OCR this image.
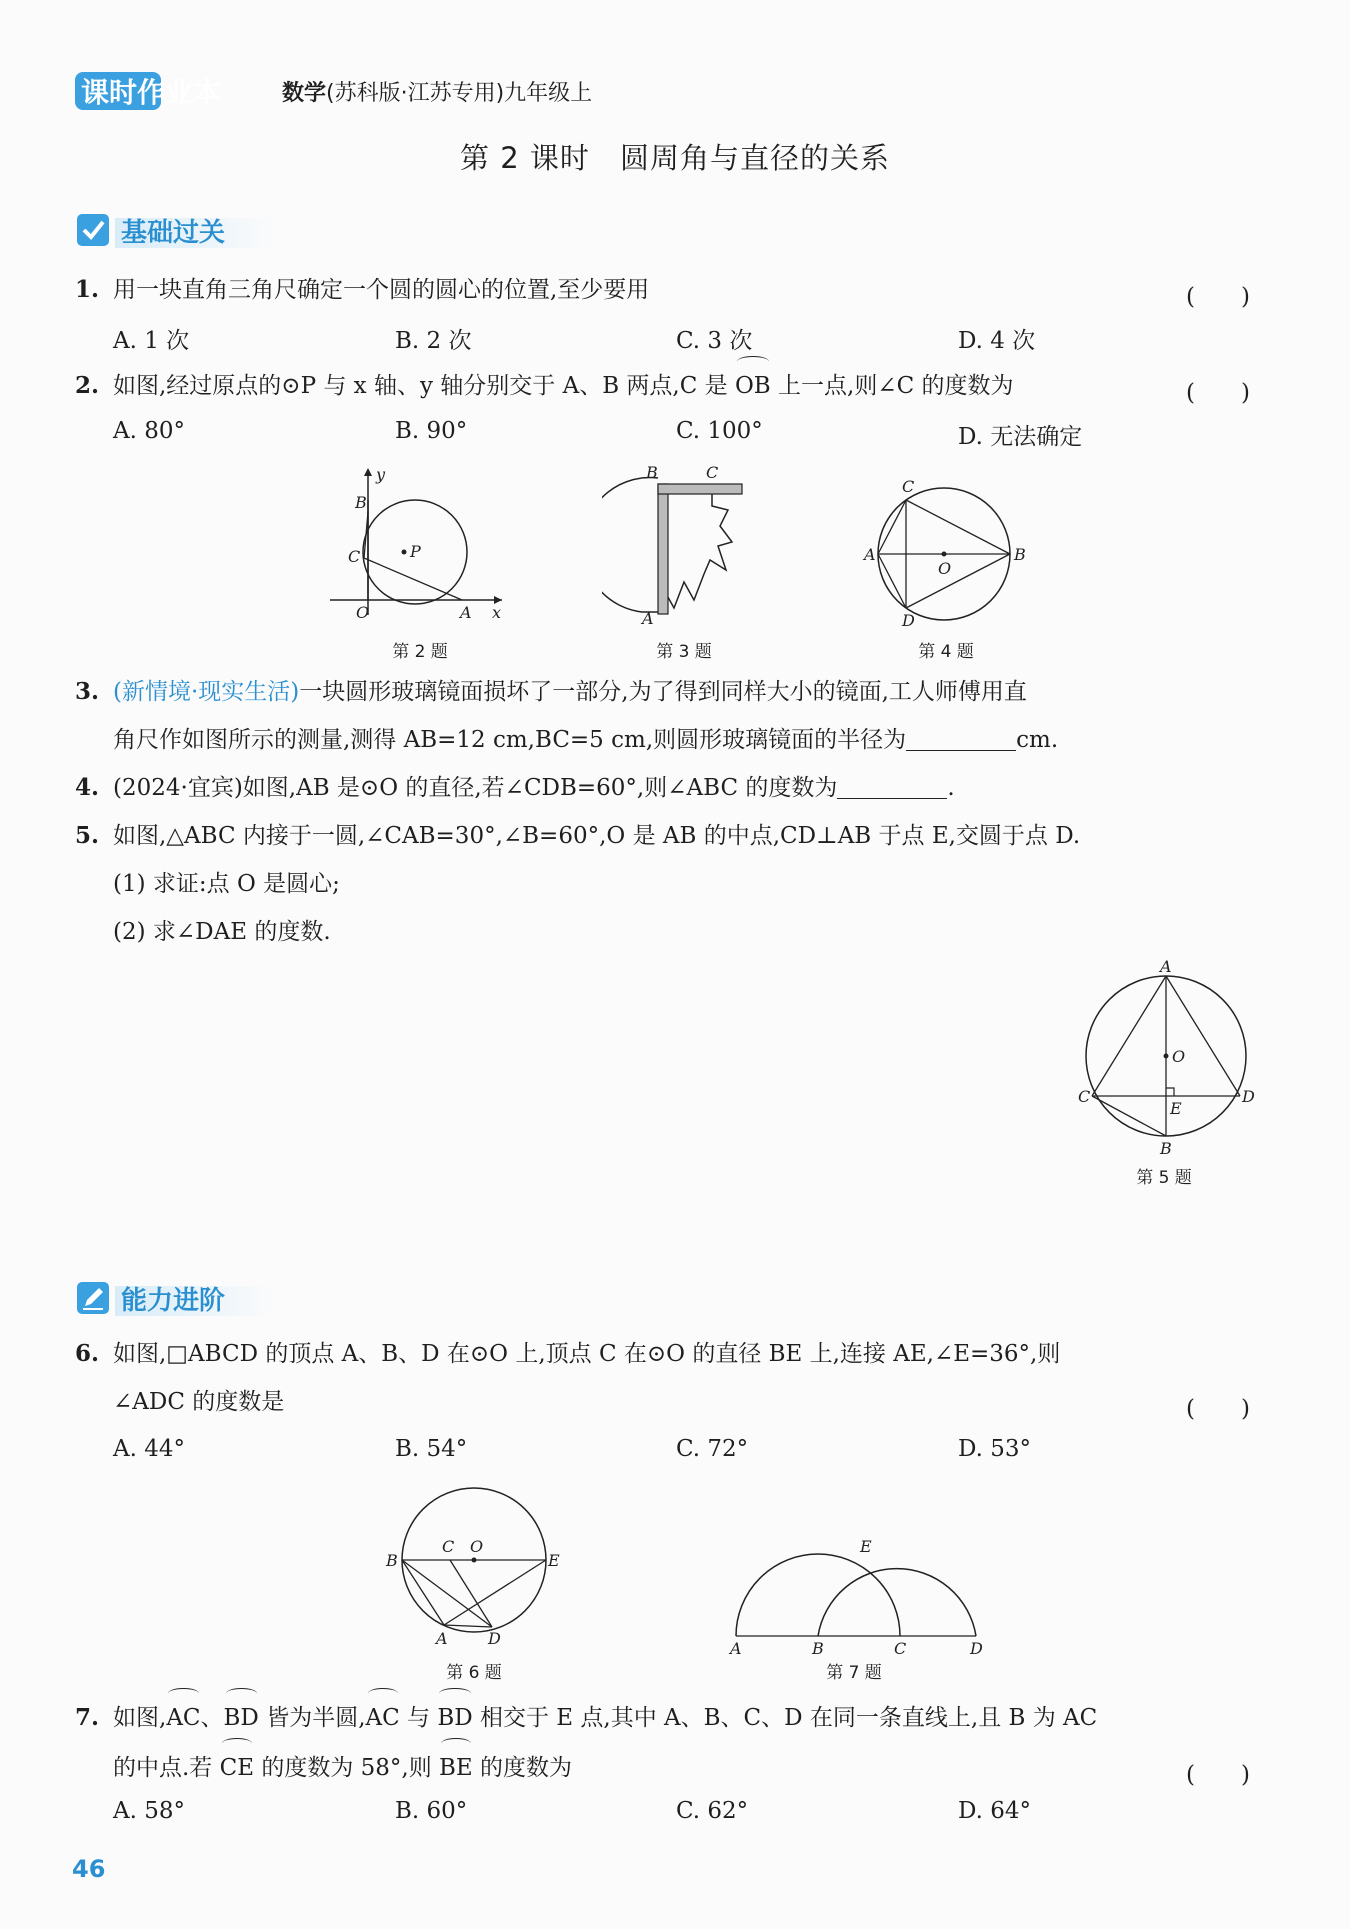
课时作业本	数学(苏科版·江苏专用)九年级上
第 2 课时 圆周角与直径的关系
基础过关
1. 用一块直角三角尺确定一个圆的圆心的位置,至少要用	(　　)
A. 1 次	B. 2 次	C. 3 次	D. 4 次
2. 如图,经过原点的⊙P 与 x 轴、y 轴分别交于 A、B 两点,C 是 OB 上一点,则∠C 的度数为	(　　)
A. 80°	B. 90°	C. 100°	D. 无法确定
y
B
C	P
O	A x
第 2 题
B	C
A
第 3 题
C
A
O
B
D
第 4 题
3. (新情境·现实生活)一块圆形玻璃镜面损坏了一部分,为了得到同样大小的镜面,工人师傅用直
角尺作如图所示的测量,测得 AB=12 cm,BC=5 cm,则圆形玻璃镜面的半径为	cm.
4. (2024·宜宾)如图,AB 是⊙O 的直径,若∠CDB=60°,则∠ABC 的度数为	.
5. 如图,△ABC 内接于一圆,∠CAB=30°,∠B=60°,O 是 AB 的中点,CD⊥AB 于点 E,交圆于点 D.
(1) 求证:点 O 是圆心;
(2) 求∠DAE 的度数.
A
O
C
E
D
B
第 5 题
能力进阶
6. 如图,□ABCD 的顶点 A、B、D 在⊙O 上,顶点 C 在⊙O 的直径 BE 上,连接 AE,∠E=36°,则
∠ADC 的度数是	(　　)
A. 44°	B. 54°	C. 72°	D. 53°
B
C O
E
A	D
第 6 题
E
A	B	C	D
第 7 题
7. 如图,AC、BD 皆为半圆,AC 与 BD 相交于 E 点,其中 A、B、C、D 在同一条直线上,且 B 为 AC
的中点.若 CE 的度数为 58°,则 BE 的度数为	(　　)
A. 58°	B. 60°	C. 62°	D. 64°
46
